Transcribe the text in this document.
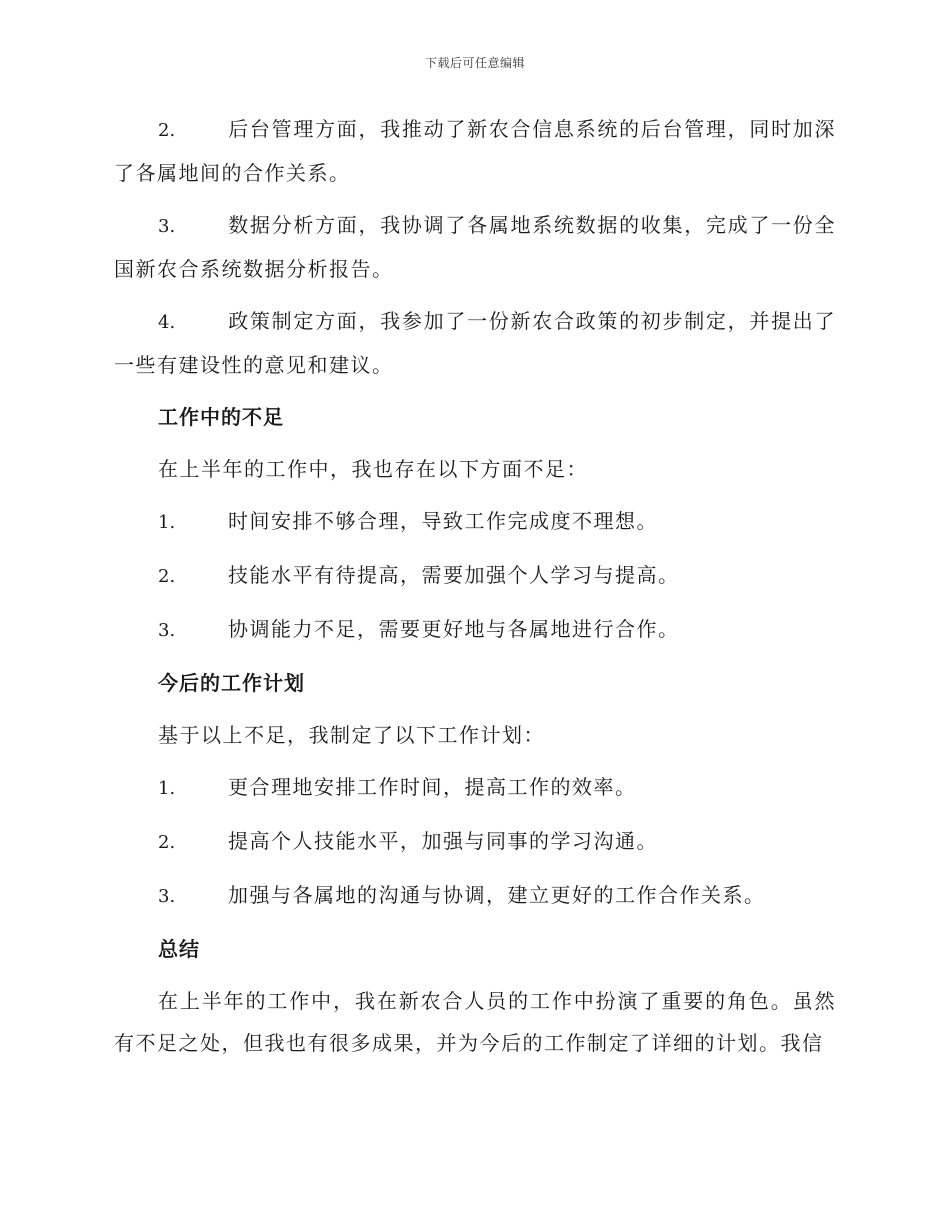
下载后可任意编辑
2.	后台管理方面，我推动了新农合信息系统的后台管理，同时加深了各属地间的合作关系。
3.	数据分析方面，我协调了各属地系统数据的收集，完成了一份全国新农合系统数据分析报告。
4.	政策制定方面，我参加了一份新农合政策的初步制定，并提出了一些有建设性的意见和建议。
工作中的不足
在上半年的工作中，我也存在以下方面不足：
1.	时间安排不够合理，导致工作完成度不理想。
2.	技能水平有待提高，需要加强个人学习与提高。
3.	协调能力不足，需要更好地与各属地进行合作。
今后的工作计划
基于以上不足，我制定了以下工作计划：
1.	更合理地安排工作时间，提高工作的效率。
2.	提高个人技能水平，加强与同事的学习沟通。
3.	加强与各属地的沟通与协调，建立更好的工作合作关系。
总结
在上半年的工作中，我在新农合人员的工作中扮演了重要的角色。虽然有不足之处，但我也有很多成果，并为今后的工作制定了详细的计划。我信
